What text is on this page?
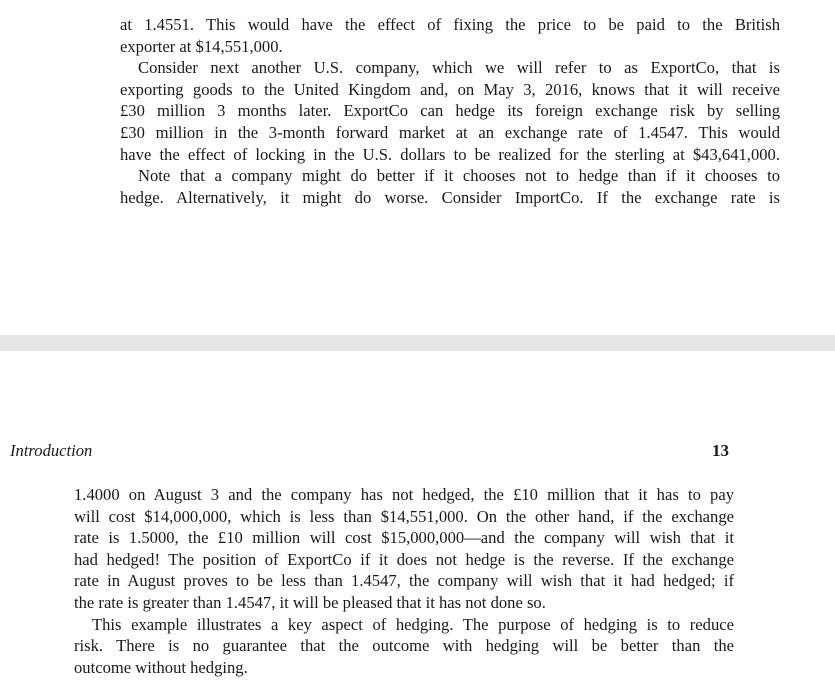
at 1.4551. This would have the effect of fixing the price to be paid to the British
exporter at $14,551,000.
Consider next another U.S. company, which we will refer to as ExportCo, that is
exporting goods to the United Kingdom and, on May 3, 2016, knows that it will receive
£30 million 3 months later. ExportCo can hedge its foreign exchange risk by selling
£30 million in the 3-month forward market at an exchange rate of 1.4547. This would
have the effect of locking in the U.S. dollars to be realized for the sterling at $43,641,000.
Note that a company might do better if it chooses not to hedge than if it chooses to
hedge. Alternatively, it might do worse. Consider ImportCo. If the exchange rate is
Introduction	13
1.4000 on August 3 and the company has not hedged, the £10 million that it has to pay
will cost $14,000,000, which is less than $14,551,000. On the other hand, if the exchange
rate is 1.5000, the £10 million will cost $15,000,000—and the company will wish that it
had hedged! The position of ExportCo if it does not hedge is the reverse. If the exchange
rate in August proves to be less than 1.4547, the company will wish that it had hedged; if
the rate is greater than 1.4547, it will be pleased that it has not done so.
This example illustrates a key aspect of hedging. The purpose of hedging is to reduce
risk. There is no guarantee that the outcome with hedging will be better than the
outcome without hedging.
